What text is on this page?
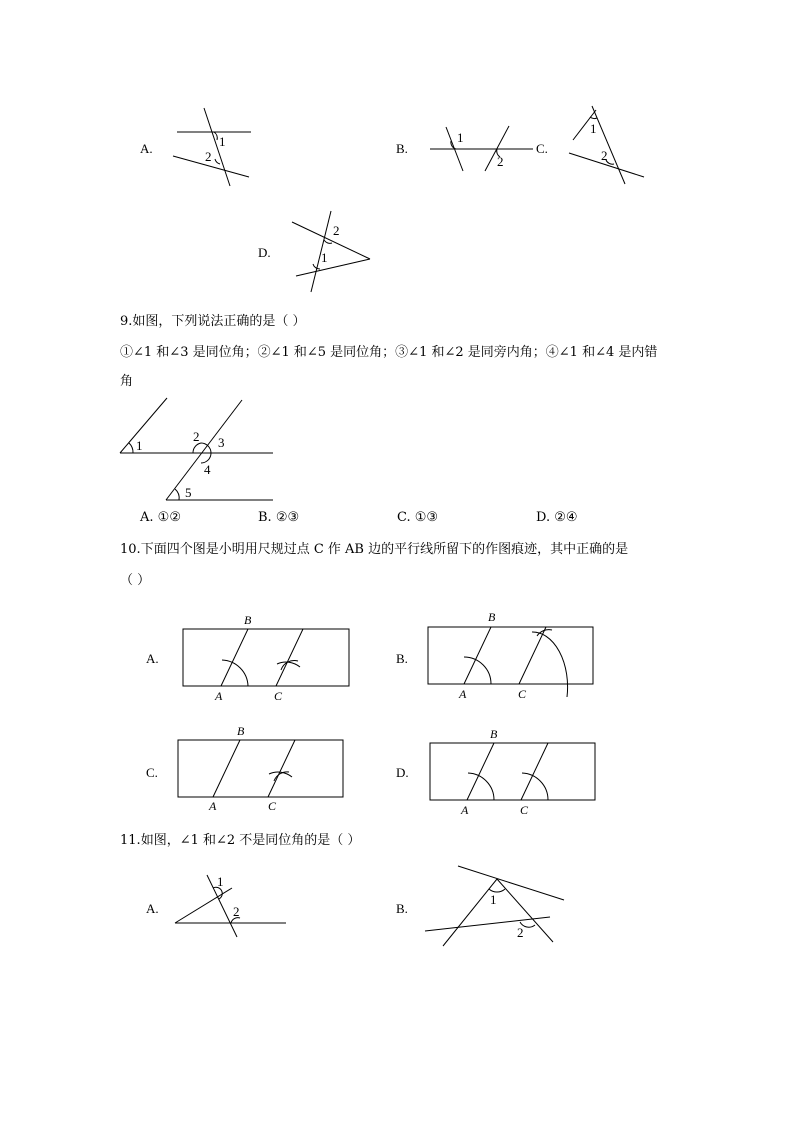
A.	1
2
B.
1
2
C.
1
2
D.
2
1
9.如图，下列说法正确的是（ ）
①∠1 和∠3 是同位角；②∠1 和∠5 是同位角；③∠1 和∠2 是同旁内角；④∠1 和∠4 是内错
角
1
2 3
4
5
A. ①②	B. ②③	C. ①③	D. ②④
10.下面四个图是小明用尺规过点 C 作 AB 边的平行线所留下的作图痕迹，其中正确的是
（ ）
A.
B
A	C
B.
B
A	C
C.
B
A	C
D.
B
A	C
11.如图，∠1 和∠2 不是同位角的是（ ）
A.
1
2	B.
1
2
